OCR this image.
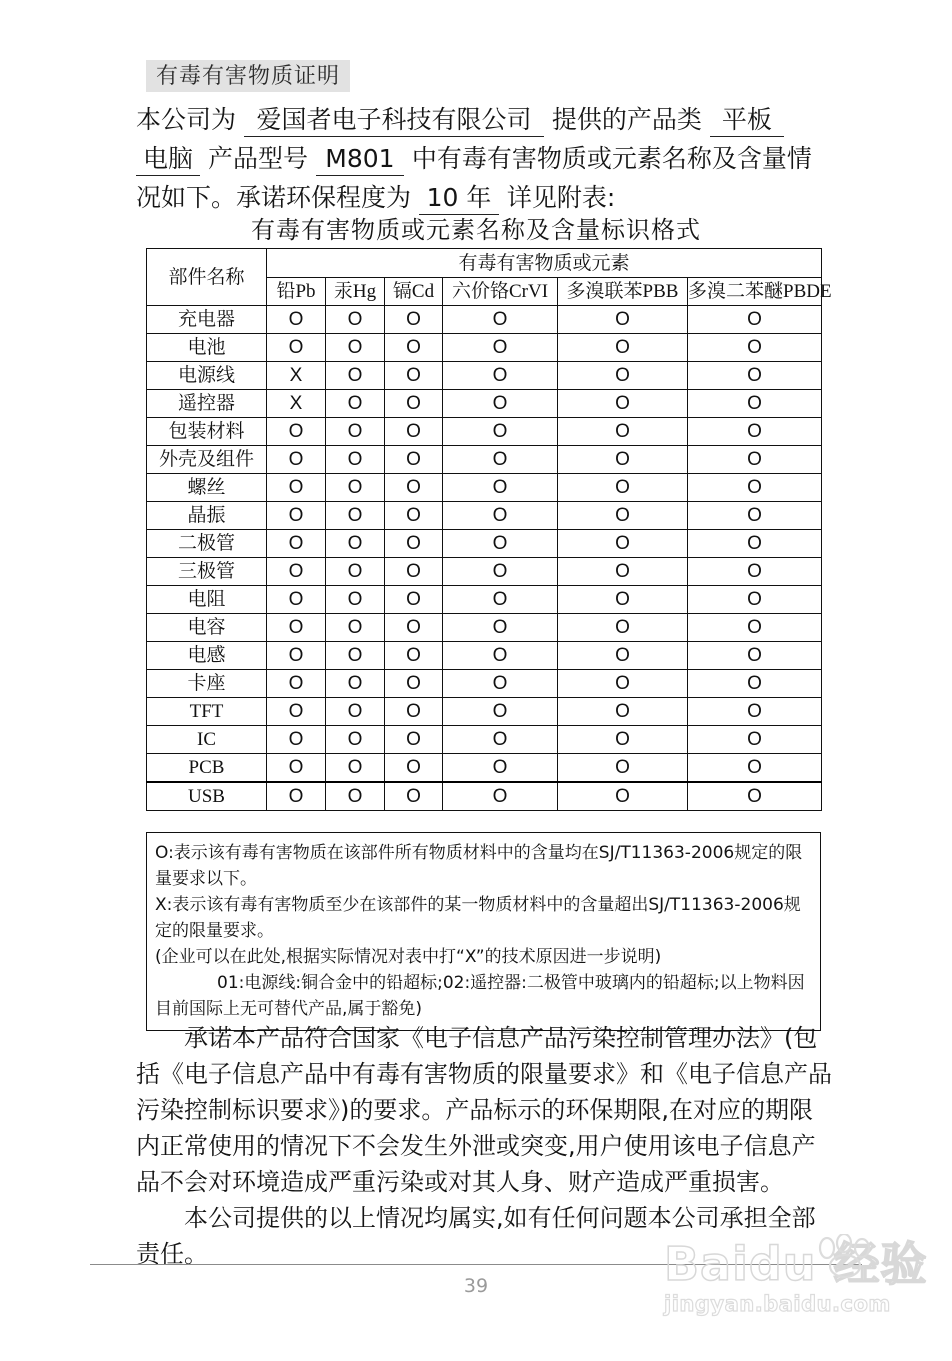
有毒有害物质证明
本公司为 爱国者电子科技有限公司 提供的产品类 平板电脑 产品型号 M801 中有毒有害物质或元素名称及含量情况如下。承诺环保程度为 10 年 详见附表:
有毒有害物质或元素名称及含量标识格式
部件名称	有毒有害物质或元素					
	铅Pb	汞Hg	镉Cd	六价铬CrVI	多溴联苯PBB	多溴二苯醚PBDE
充电器	O	O	O	O	O	O
电池	O	O	O	O	O	O
电源线	X	O	O	O	O	O
遥控器	X	O	O	O	O	O
包装材料	O	O	O	O	O	O
外壳及组件	O	O	O	O	O	O
螺丝	O	O	O	O	O	O
晶振	O	O	O	O	O	O
二极管	O	O	O	O	O	O
三极管	O	O	O	O	O	O
电阻	O	O	O	O	O	O
电容	O	O	O	O	O	O
电感	O	O	O	O	O	O
卡座	O	O	O	O	O	O
TFT	O	O	O	O	O	O
IC	O	O	O	O	O	O
PCB	O	O	O	O	O	O
USB	O	O	O	O	O	O

O:表示该有毒有害物质在该部件所有物质材料中的含量均在SJ/T11363-2006规定的限量要求以下。

X:表示该有毒有害物质至少在该部件的某一物质材料中的含量超出SJ/T11363-2006规定的限量要求。

(企业可以在此处,根据实际情况对表中打“X”的技术原因进一步说明)

01:电源线:铜合金中的铅超标;02:遥控器:二极管中玻璃内的铅超标;以上物料因目前国际上无可替代产品,属于豁免)

承诺本产品符合国家《电子信息产品污染控制管理办法》(包括《电子信息产品中有毒有害物质的限量要求》和《电子信息产品污染控制标识要求》)的要求。产品标示的环保期限,在对应的期限内正常使用的情况下不会发生外泄或突变,用户使用该电子信息产品不会对环境造成严重污染或对其人身、财产造成严重损害。

本公司提供的以上情况均属实,如有任何问题本公司承担全部责任。

39	Baidu 经验
jingyan.baidu.com
